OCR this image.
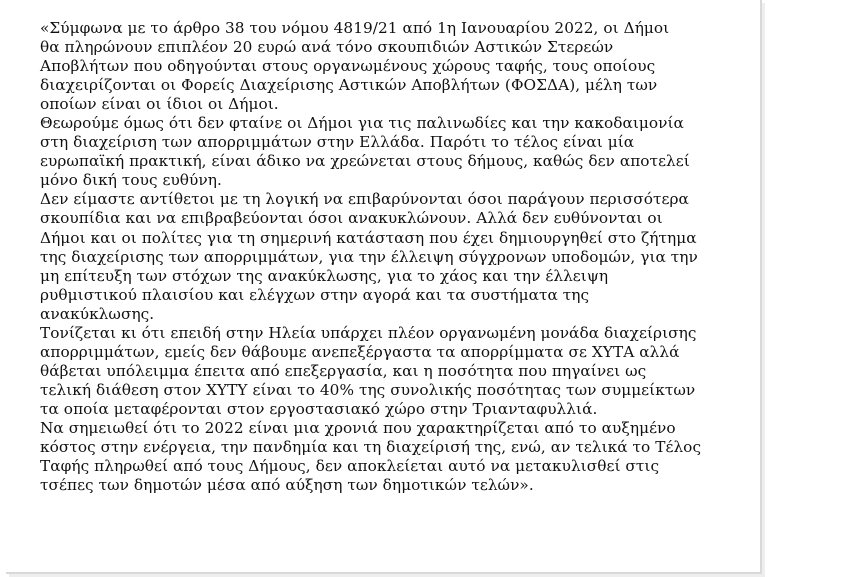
«Σύμφωνα με το άρθρο 38 του νόμου 4819/21 από 1η Ιανουαρίου 2022, οι Δήμοι
θα πληρώνουν επιπλέον 20 ευρώ ανά τόνο σκουπιδιών Αστικών Στερεών
Αποβλήτων που οδηγούνται στους οργανωμένους χώρους ταφής, τους οποίους
διαχειρίζονται οι Φορείς Διαχείρισης Αστικών Αποβλήτων (ΦΟΣΔΑ), μέλη των
οποίων είναι οι ίδιοι οι Δήμοι.
Θεωρούμε όμως ότι δεν φταίνε οι Δήμοι για τις παλινωδίες και την κακοδαιμονία
στη διαχείριση των απορριμμάτων στην Ελλάδα. Παρότι το τέλος είναι μία
ευρωπαϊκή πρακτική, είναι άδικο να χρεώνεται στους δήμους, καθώς δεν αποτελεί
μόνο δική τους ευθύνη.
Δεν είμαστε αντίθετοι με τη λογική να επιβαρύνονται όσοι παράγουν περισσότερα
σκουπίδια και να επιβραβεύονται όσοι ανακυκλώνουν. Αλλά δεν ευθύνονται οι
Δήμοι και οι πολίτες για τη σημερινή κατάσταση που έχει δημιουργηθεί στο ζήτημα
της διαχείρισης των απορριμμάτων, για την έλλειψη σύγχρονων υποδομών, για την
μη επίτευξη των στόχων της ανακύκλωσης, για το χάος και την έλλειψη
ρυθμιστικού πλαισίου και ελέγχων στην αγορά και τα συστήματα της
ανακύκλωσης.
Τονίζεται κι ότι επειδή στην Ηλεία υπάρχει πλέον οργανωμένη μονάδα διαχείρισης
απορριμμάτων, εμείς δεν θάβουμε ανεπεξέργαστα τα απορρίμματα σε ΧΥΤΑ αλλά
θάβεται υπόλειμμα έπειτα από επεξεργασία, και η ποσότητα που πηγαίνει ως
τελική διάθεση στον ΧΥΤΥ είναι το 40% της συνολικής ποσότητας των συμμείκτων
τα οποία μεταφέρονται στον εργοστασιακό χώρο στην Τριανταφυλλιά.
Να σημειωθεί ότι το 2022 είναι μια χρονιά που χαρακτηρίζεται από το αυξημένο
κόστος στην ενέργεια, την πανδημία και τη διαχείρισή της, ενώ, αν τελικά το Τέλος
Ταφής πληρωθεί από τους Δήμους, δεν αποκλείεται αυτό να μετακυλισθεί στις
τσέπες των δημοτών μέσα από αύξηση των δημοτικών τελών».
